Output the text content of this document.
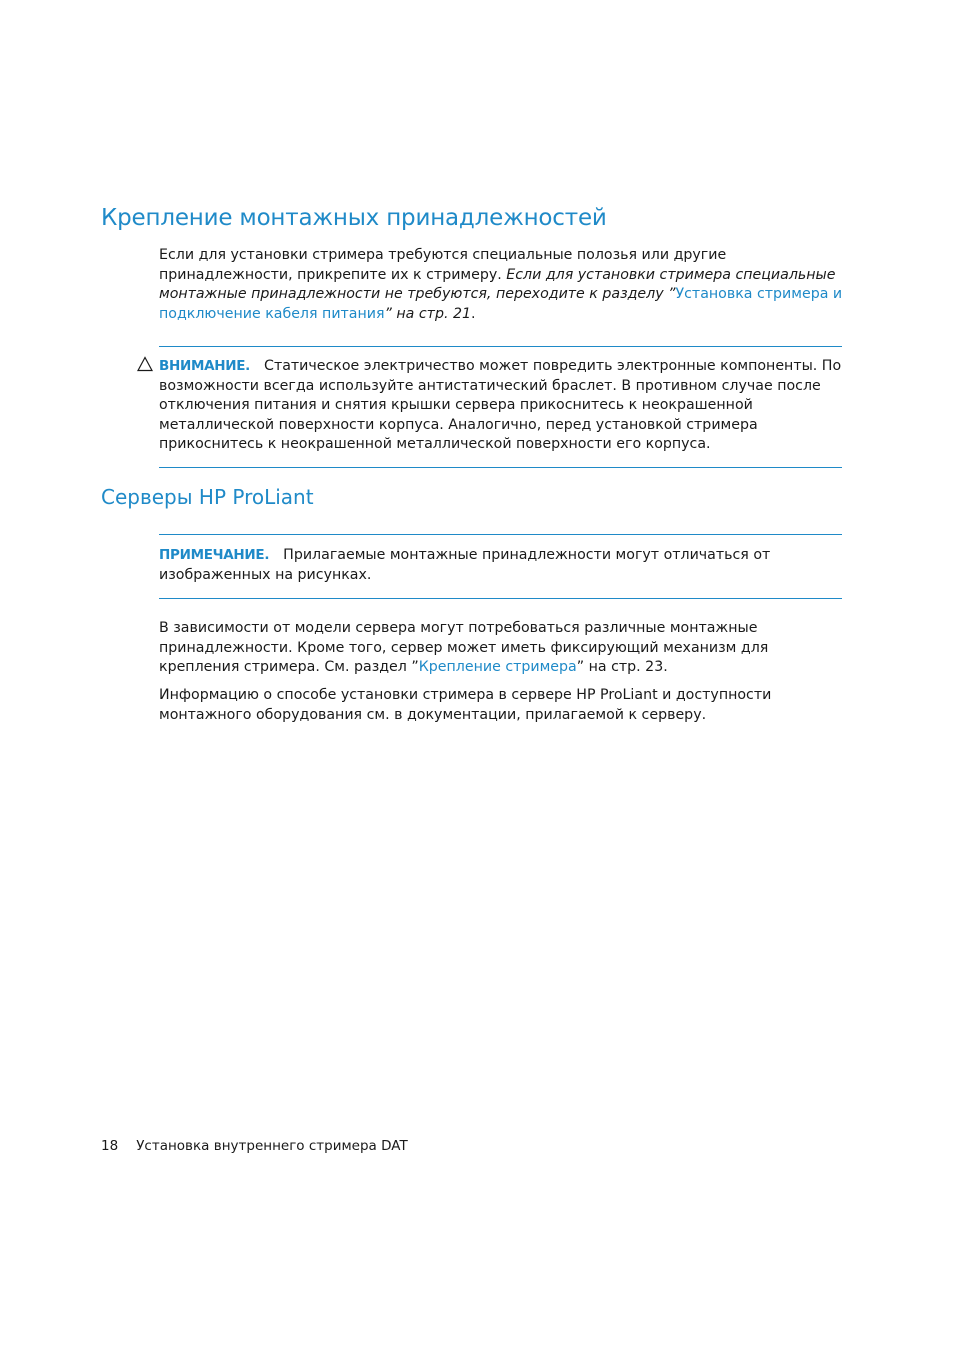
Крепление монтажных принадлежностей

Если для установки стримера требуются специальные полозья или другие принадлежности, прикрепите их к стримеру. Если для установки стримера специальные монтажные принадлежности не требуются, переходите к разделу ”Установка стримера и подключение кабеля питания” на стр. 21.

ВНИМАНИЕ. Статическое электричество может повредить электронные компоненты. По возможности всегда используйте антистатический браслет. В противном случае после отключения питания и снятия крышки сервера прикоснитесь к неокрашенной металлической поверхности корпуса. Аналогично, перед установкой стримера прикоснитесь к неокрашенной металлической поверхности его корпуса.

Серверы HP ProLiant

ПРИМЕЧАНИЕ. Прилагаемые монтажные принадлежности могут отличаться от изображенных на рисунках.

В зависимости от модели сервера могут потребоваться различные монтажные принадлежности. Кроме того, сервер может иметь фиксирующий механизм для крепления стримера. См. раздел ”Крепление стримера” на стр. 23.

Информацию о способе установки стримера в сервере HP ProLiant и доступности монтажного оборудования см. в документации, прилагаемой к серверу.

18 Установка внутреннего стримера DAT
